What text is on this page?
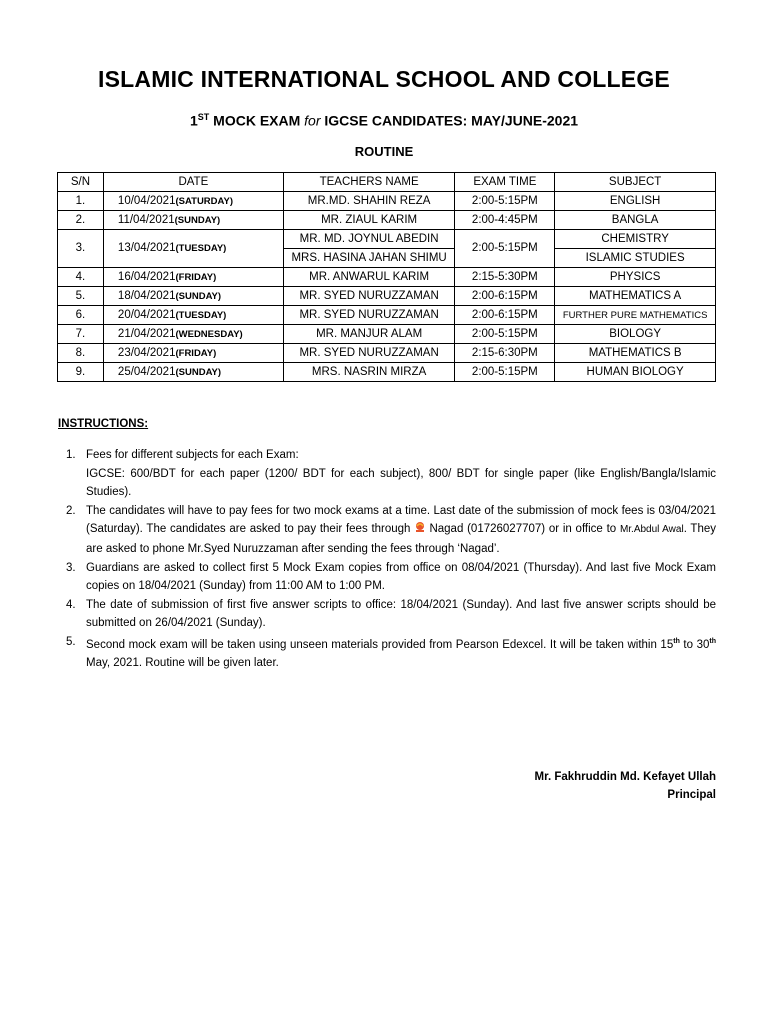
ISLAMIC INTERNATIONAL SCHOOL AND COLLEGE
1ST MOCK EXAM for IGCSE CANDIDATES: MAY/JUNE-2021
ROUTINE
S/N	DATE	TEACHERS NAME	EXAM TIME	SUBJECT
1.	10/04/2021(SATURDAY)	MR.MD. SHAHIN REZA	2:00-5:15PM	ENGLISH
2.	11/04/2021(SUNDAY)	MR. ZIAUL KARIM	2:00-4:45PM	BANGLA
3.	13/04/2021(TUESDAY)	MR. MD. JOYNUL ABEDIN	2:00-5:15PM	CHEMISTRY
		MRS. HASINA JAHAN SHIMU		ISLAMIC STUDIES
4.	16/04/2021(FRIDAY)	MR. ANWARUL KARIM	2:15-5:30PM	PHYSICS
5.	18/04/2021(SUNDAY)	MR. SYED NURUZZAMAN	2:00-6:15PM	MATHEMATICS A
6.	20/04/2021(TUESDAY)	MR. SYED NURUZZAMAN	2:00-6:15PM	FURTHER PURE MATHEMATICS
7.	21/04/2021(WEDNESDAY)	MR. MANJUR ALAM	2:00-5:15PM	BIOLOGY
8.	23/04/2021(FRIDAY)	MR. SYED NURUZZAMAN	2:15-6:30PM	MATHEMATICS B
9.	25/04/2021(SUNDAY)	MRS. NASRIN MIRZA	2:00-5:15PM	HUMAN BIOLOGY
INSTRUCTIONS:
1. Fees for different subjects for each Exam:
IGCSE: 600/BDT for each paper (1200/ BDT for each subject), 800/ BDT for single paper (like English/Bangla/Islamic Studies).
2. The candidates will have to pay fees for two mock exams at a time. Last date of the submission of mock fees is 03/04/2021 (Saturday). The candidates are asked to pay their fees through Nagad (01726027707) or in office to Mr.Abdul Awal. They are asked to phone Mr.Syed Nuruzzaman after sending the fees through ‘Nagad’.
3. Guardians are asked to collect first 5 Mock Exam copies from office on 08/04/2021 (Thursday). And last five Mock Exam copies on 18/04/2021 (Sunday) from 11:00 AM to 1:00 PM.
4. The date of submission of first five answer scripts to office: 18/04/2021 (Sunday). And last five answer scripts should be submitted on 26/04/2021 (Sunday).
5. Second mock exam will be taken using unseen materials provided from Pearson Edexcel. It will be taken within 15th to 30th May, 2021. Routine will be given later.
Mr. Fakhruddin Md. Kefayet Ullah
Principal
